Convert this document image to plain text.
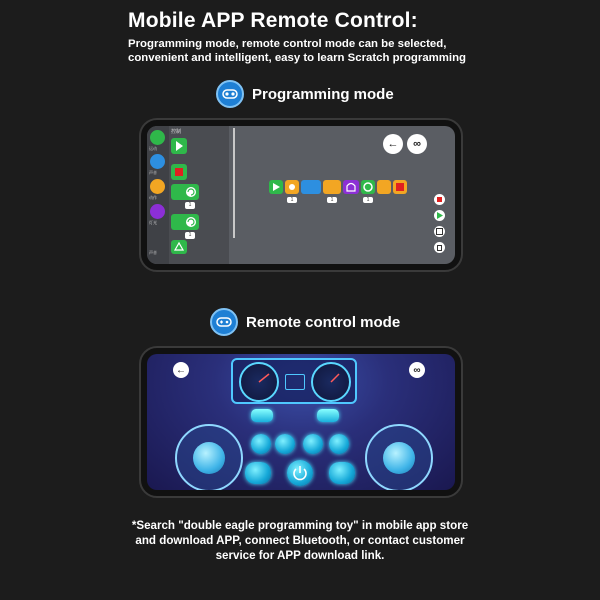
Mobile APP Remote Control:
Programming mode, remote control mode can be selected, convenient and intelligent, easy to learn Scratch programming
Programming mode
运动
声音
动作
灯光
声音
控制
1
1
1	1	1
←	∞
Remote control mode
←	∞
*Search "double eagle programming toy" in mobile app store and download APP, connect Bluetooth, or contact customer service for APP download link.
